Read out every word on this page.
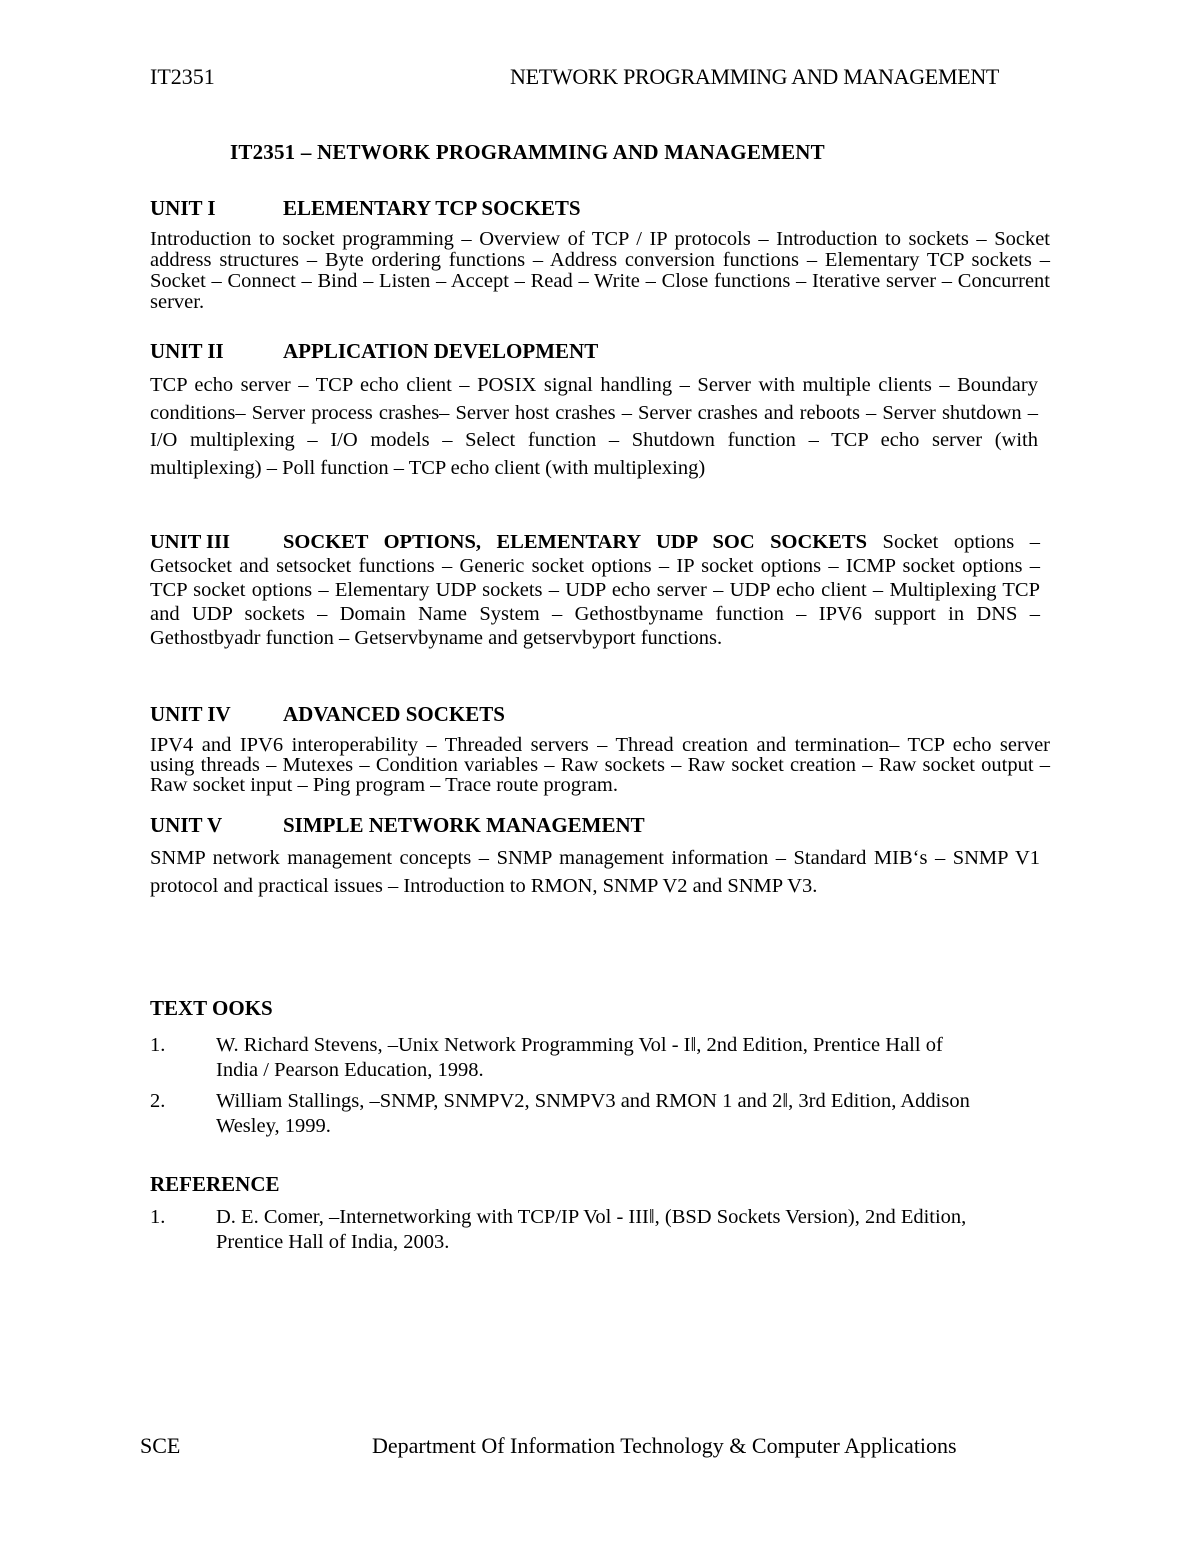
IT2351	NETWORK PROGRAMMING AND MANAGEMENT
IT2351 – NETWORK PROGRAMMING AND MANAGEMENT
UNIT I	ELEMENTARY TCP SOCKETS
Introduction to socket programming – Overview of TCP / IP protocols – Introduction to sockets – Socket address structures – Byte ordering functions – Address conversion functions – Elementary TCP sockets – Socket – Connect – Bind – Listen – Accept – Read – Write – Close functions – Iterative server – Concurrent server.
UNIT II	APPLICATION DEVELOPMENT
TCP echo server – TCP echo client – POSIX signal handling – Server with multiple clients – Boundary conditions– Server process crashes– Server host crashes – Server crashes and reboots – Server shutdown – I/O multiplexing – I/O models – Select function – Shutdown function – TCP echo server (with multiplexing) – Poll function – TCP echo client (with multiplexing)
UNIT III	SOCKET OPTIONS, ELEMENTARY UDP SOC SOCKETS Socket options – Getsocket and setsocket functions – Generic socket options – IP socket options – ICMP socket options – TCP socket options – Elementary UDP sockets – UDP echo server – UDP echo client – Multiplexing TCP and UDP sockets – Domain Name System – Gethostbyname function – IPV6 support in DNS – Gethostbyadr function – Getservbyname and getservbyport functions.
UNIT IV ADVANCED SOCKETS
IPV4 and IPV6 interoperability – Threaded servers – Thread creation and termination– TCP echo server using threads – Mutexes – Condition variables – Raw sockets – Raw socket creation – Raw socket output – Raw socket input – Ping program – Trace route program.
UNIT V	SIMPLE NETWORK MANAGEMENT
SNMP network management concepts – SNMP management information – Standard MIB‘s – SNMP V1 protocol and practical issues – Introduction to RMON, SNMP V2 and SNMP V3.
TEXT OOKS
1. W. Richard Stevens, –Unix Network Programming Vol - I‖, 2nd Edition, Prentice Hall of India / Pearson Education, 1998.
2. William Stallings, –SNMP, SNMPV2, SNMPV3 and RMON 1 and 2‖, 3rd Edition, Addison Wesley, 1999.
REFERENCE
1. D. E. Comer, –Internetworking with TCP/IP Vol - III‖, (BSD Sockets Version), 2nd Edition, Prentice Hall of India, 2003.
SCE	Department Of Information Technology & Computer Applications
